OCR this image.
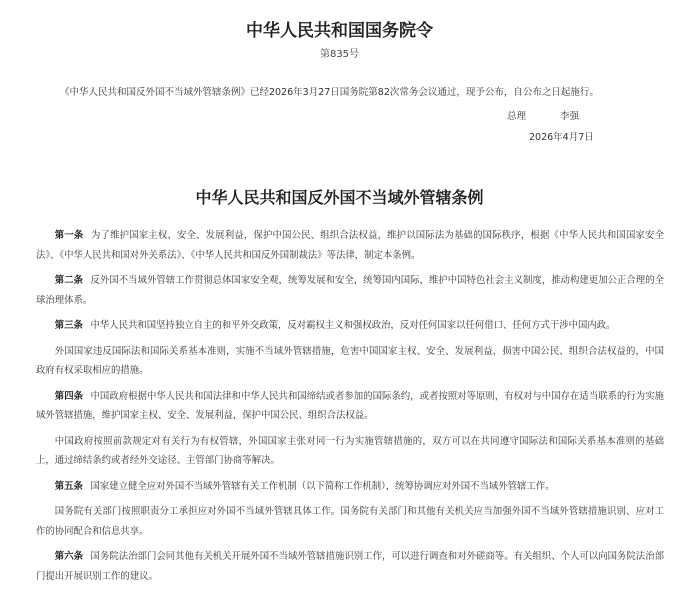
中华人民共和国国务院令
第835号
《中华人民共和国反外国不当域外管辖条例》已经2026年3月27日国务院第82次常务会议通过，现予公布，自公布之日起施行。
总理	李强
2026年4月7日
中华人民共和国反外国不当域外管辖条例

第一条 为了维护国家主权、安全、发展利益，保护中国公民、组织合法权益，维护以国际法为基础的国际秩序，根据《中华人民共和国国家安全法》、《中华人民共和国对外关系法》、《中华人民共和国反外国制裁法》等法律，制定本条例。

第二条 反外国不当域外管辖工作贯彻总体国家安全观，统筹发展和安全，统筹国内国际，维护中国特色社会主义制度，推动构建更加公正合理的全球治理体系。

第三条 中华人民共和国坚持独立自主的和平外交政策，反对霸权主义和强权政治，反对任何国家以任何借口、任何方式干涉中国内政。

外国国家违反国际法和国际关系基本准则，实施不当域外管辖措施，危害中国国家主权、安全、发展利益，损害中国公民、组织合法权益的，中国政府有权采取相应的措施。

第四条 中国政府根据中华人民共和国法律和中华人民共和国缔结或者参加的国际条约，或者按照对等原则，有权对与中国存在适当联系的行为实施域外管辖措施，维护国家主权、安全、发展利益，保护中国公民、组织合法权益。

中国政府按照前款规定对有关行为有权管辖，外国国家主张对同一行为实施管辖措施的，双方可以在共同遵守国际法和国际关系基本准则的基础上，通过缔结条约或者经外交途径、主管部门协商等解决。

第五条 国家建立健全应对外国不当域外管辖有关工作机制（以下简称工作机制），统筹协调应对外国不当域外管辖工作。

国务院有关部门按照职责分工承担应对外国不当域外管辖具体工作。国务院有关部门和其他有关机关应当加强外国不当域外管辖措施识别、应对工作的协同配合和信息共享。

第六条 国务院法治部门会同其他有关机关开展外国不当域外管辖措施识别工作，可以进行调查和对外磋商等。有关组织、个人可以向国务院法治部门提出开展识别工作的建议。
